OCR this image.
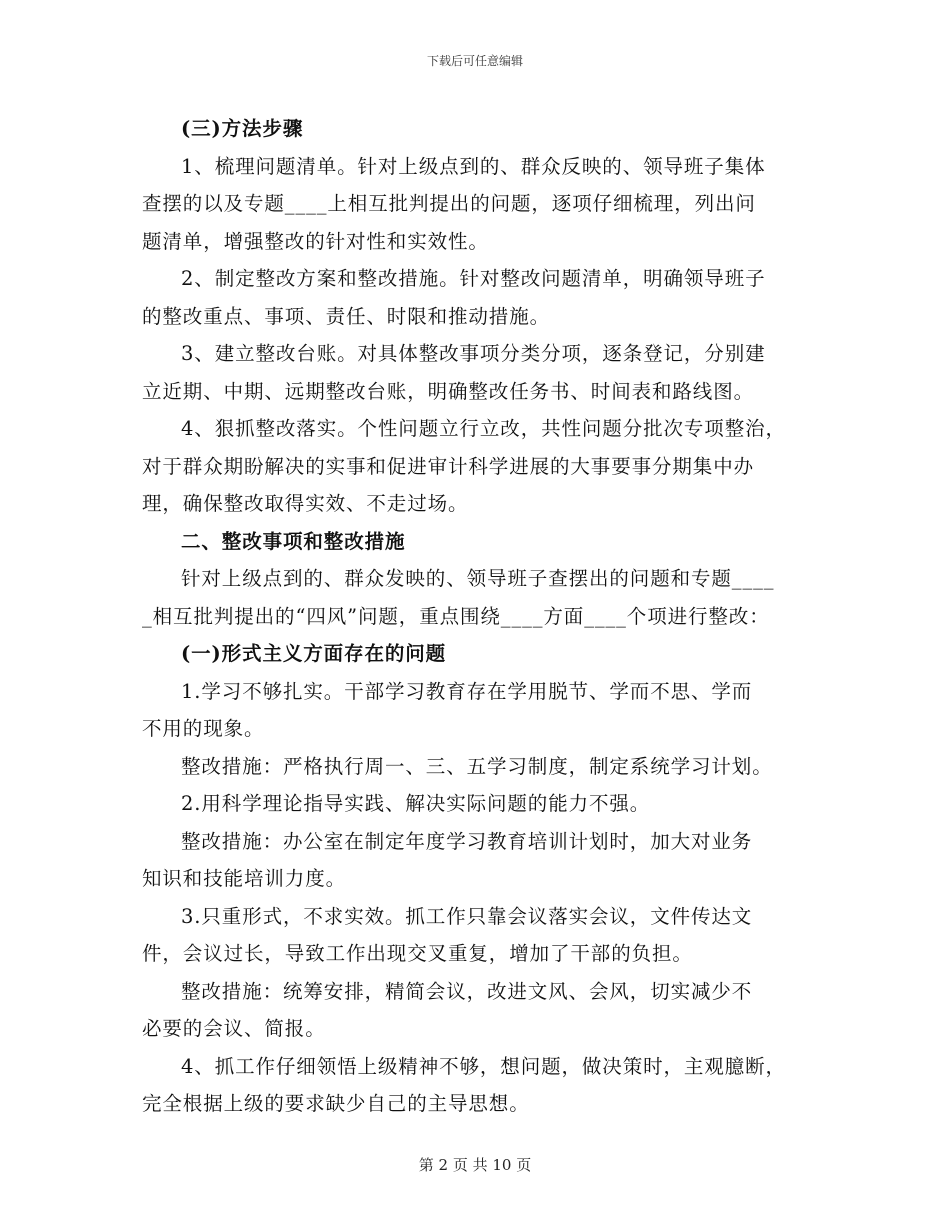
下载后可任意编辑

(三)方法步骤

1、梳理问题清单。针对上级点到的、群众反映的、领导班子集体
查摆的以及专题____上相互批判提出的问题，逐项仔细梳理，列出问
题清单，增强整改的针对性和实效性。

2、制定整改方案和整改措施。针对整改问题清单，明确领导班子
的整改重点、事项、责任、时限和推动措施。

3、建立整改台账。对具体整改事项分类分项，逐条登记，分别建
立近期、中期、远期整改台账，明确整改任务书、时间表和路线图。

4、狠抓整改落实。个性问题立行立改，共性问题分批次专项整治，
对于群众期盼解决的实事和促进审计科学进展的大事要事分期集中办
理，确保整改取得实效、不走过场。

二、整改事项和整改措施

针对上级点到的、群众发映的、领导班子查摆出的问题和专题____
_相互批判提出的“四风”问题，重点围绕____方面____个项进行整改：

(一)形式主义方面存在的问题

1.学习不够扎实。干部学习教育存在学用脱节、学而不思、学而
不用的现象。

整改措施：严格执行周一、三、五学习制度，制定系统学习计划。

2.用科学理论指导实践、解决实际问题的能力不强。

整改措施：办公室在制定年度学习教育培训计划时，加大对业务
知识和技能培训力度。

3.只重形式，不求实效。抓工作只靠会议落实会议，文件传达文
件，会议过长，导致工作出现交叉重复，增加了干部的负担。

整改措施：统筹安排，精简会议，改进文风、会风，切实减少不
必要的会议、简报。

4、抓工作仔细领悟上级精神不够，想问题，做决策时，主观臆断，
完全根据上级的要求缺少自己的主导思想。

第 2 页 共 10 页
